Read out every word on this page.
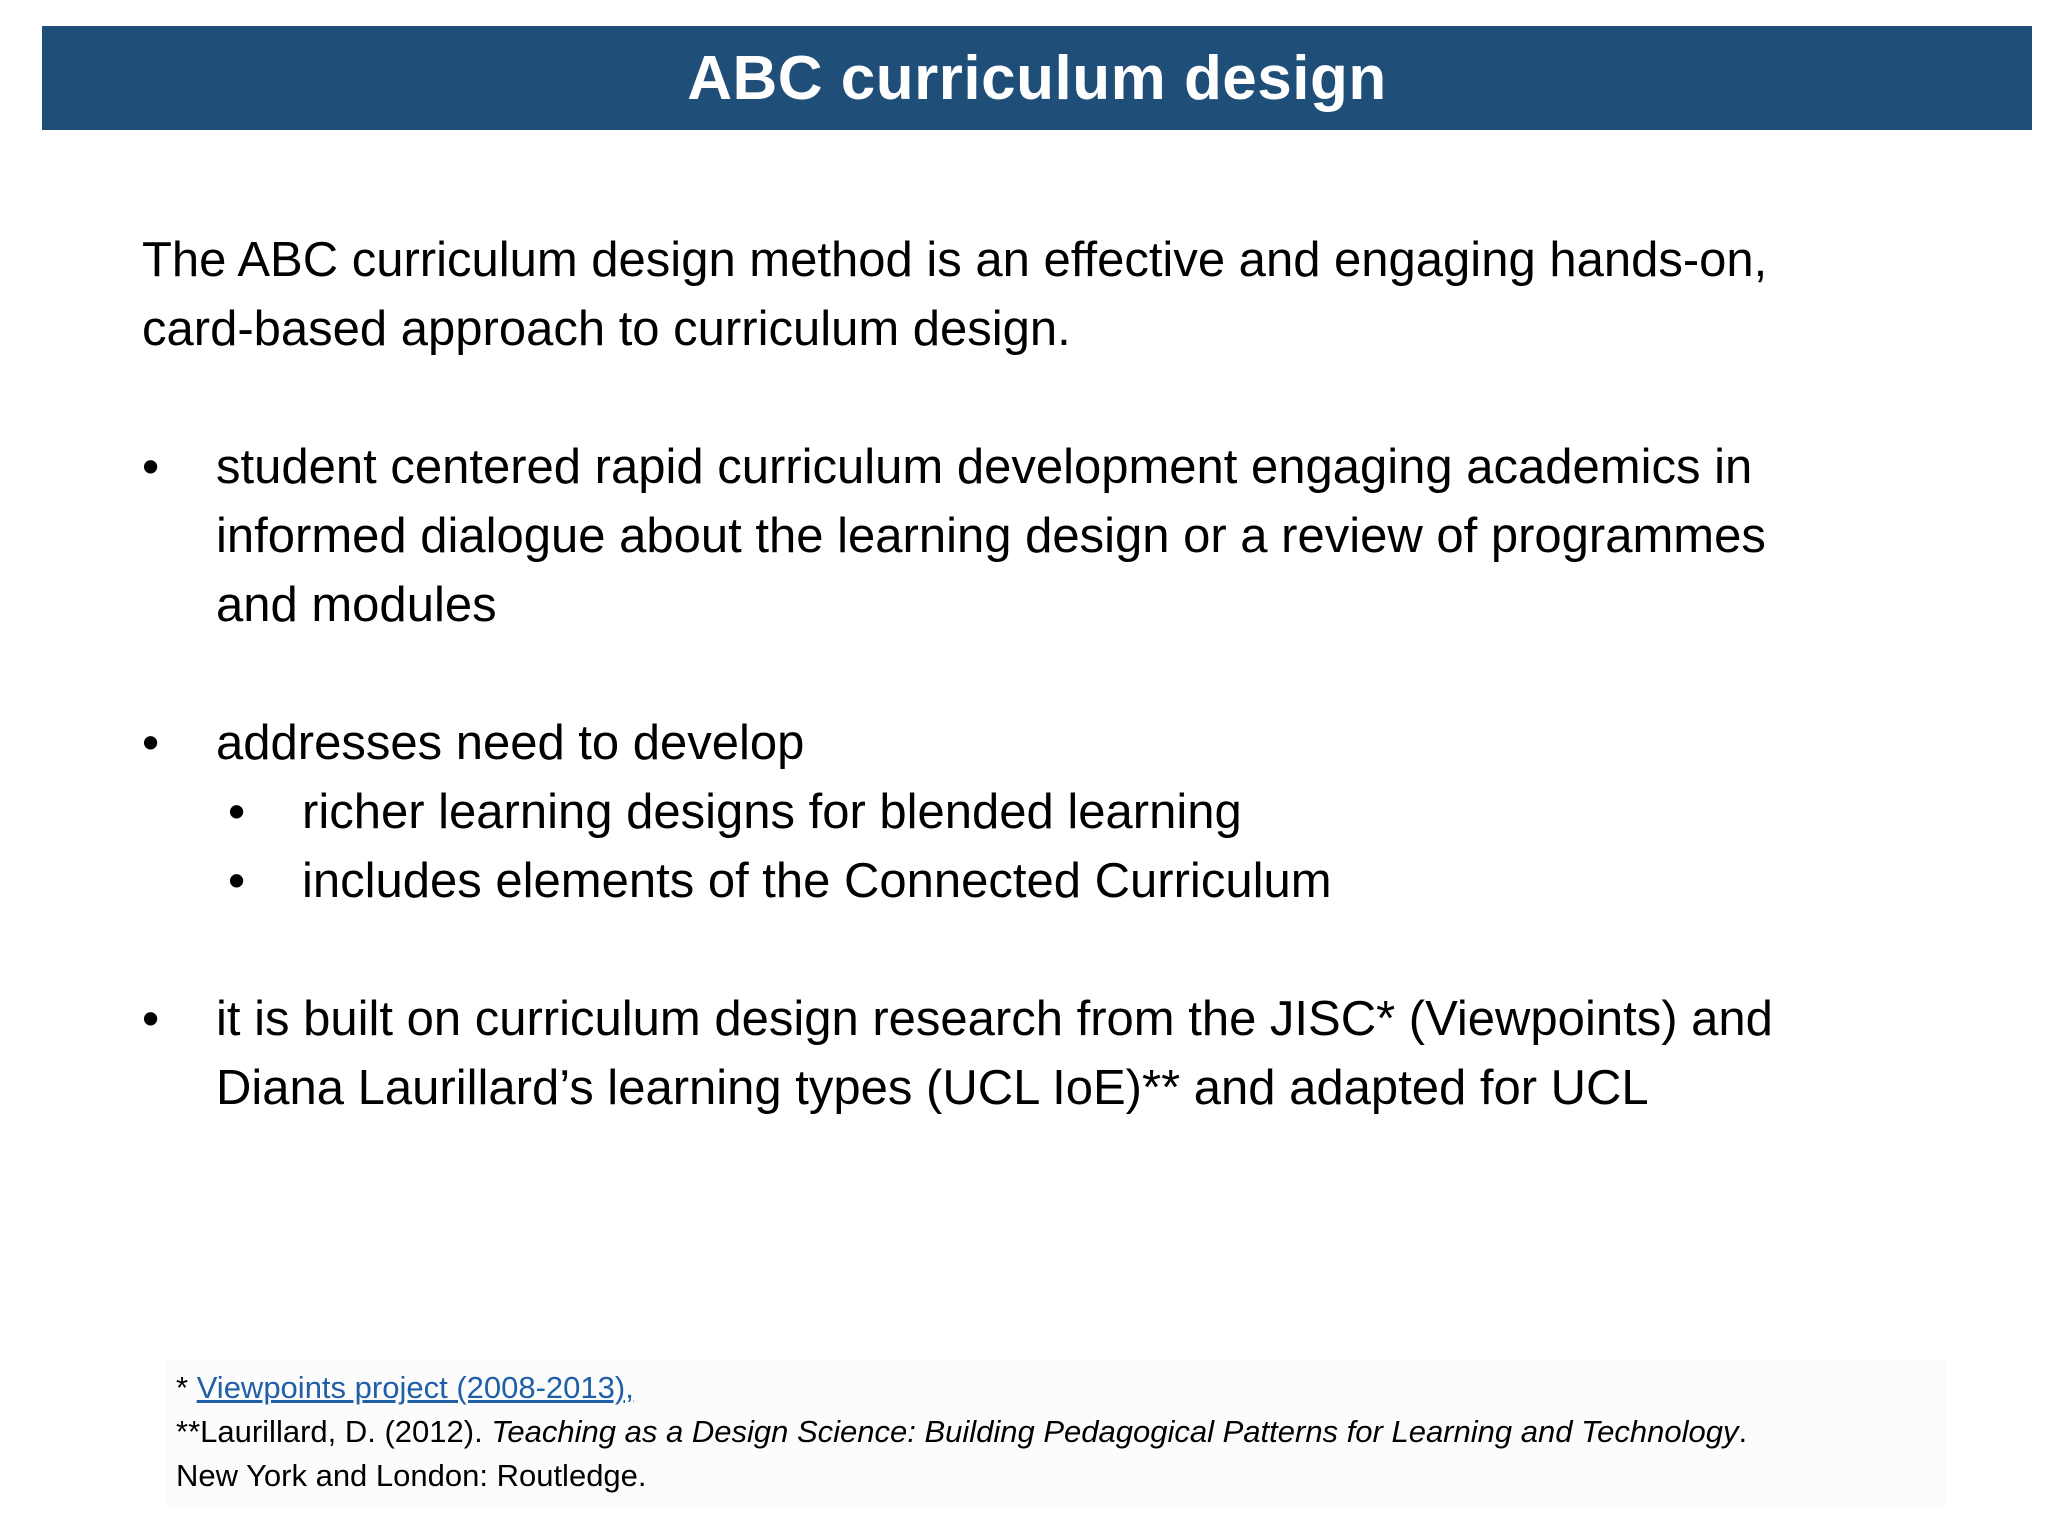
ABC curriculum design

The ABC curriculum design method is an effective and engaging hands-on,
card-based approach to curriculum design.

• student centered rapid curriculum development engaging academics in
informed dialogue about the learning design or a review of programmes
and modules
• addresses need to develop
• richer learning designs for blended learning
• includes elements of the Connected Curriculum
• it is built on curriculum design research from the JISC* (Viewpoints) and
Diana Laurillard’s learning types (UCL IoE)** and adapted for UCL

* Viewpoints project (2008-2013),

**Laurillard, D. (2012). Teaching as a Design Science: Building Pedagogical Patterns for Learning and Technology.

New York and London: Routledge.
